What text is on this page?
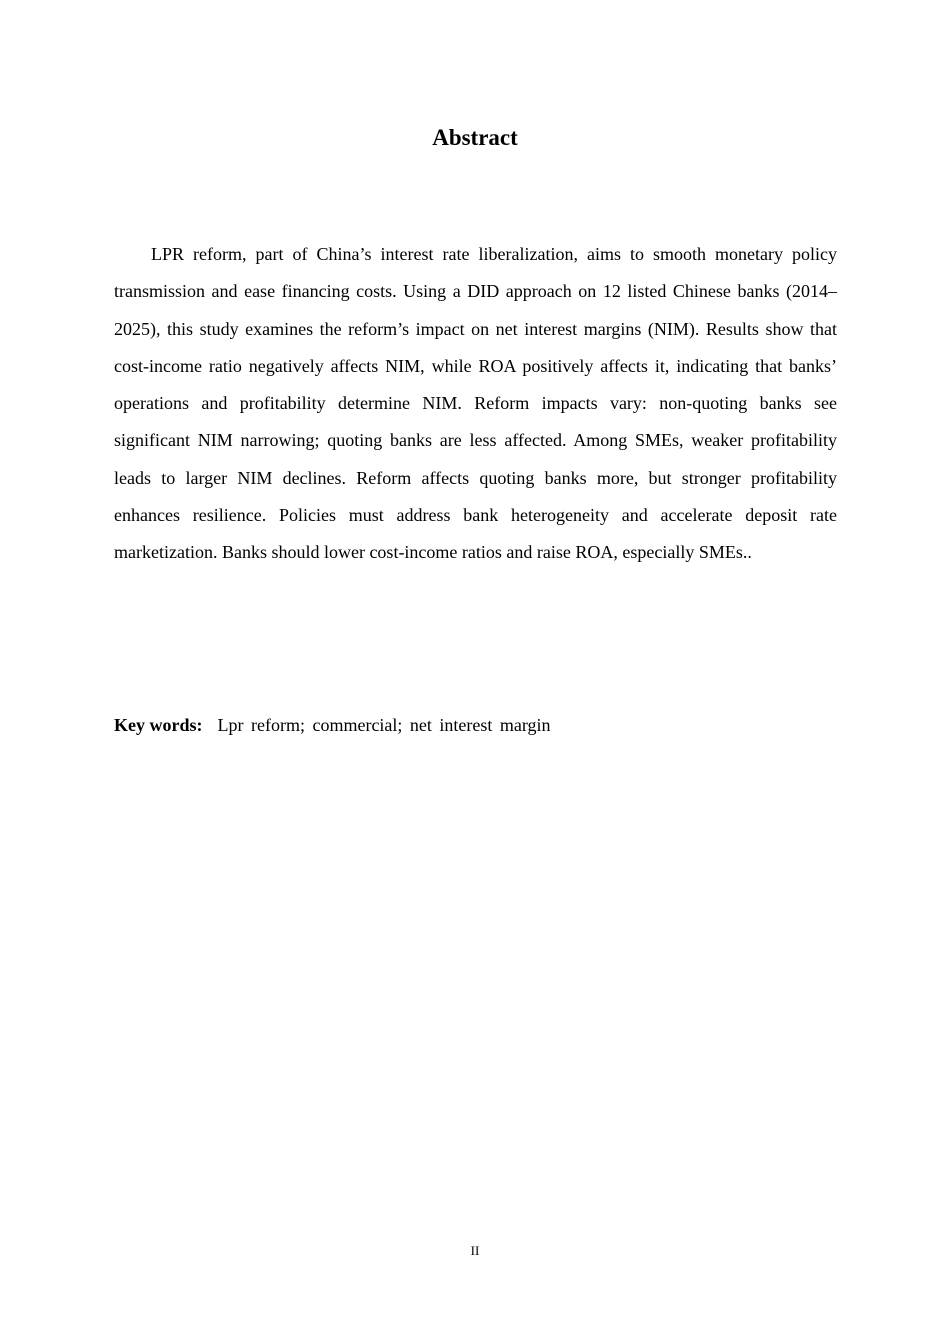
Abstract

LPR reform, part of China’s interest rate liberalization, aims to smooth monetary policy transmission and ease financing costs. Using a DID approach on 12 listed Chinese banks (2014–2025), this study examines the reform’s impact on net interest margins (NIM). Results show that cost-income ratio negatively affects NIM, while ROA positively affects it, indicating that banks’ operations and profitability determine NIM. Reform impacts vary: non-quoting banks see significant NIM narrowing; quoting banks are less affected. Among SMEs, weaker profitability leads to larger NIM declines. Reform affects quoting banks more, but stronger profitability enhances resilience. Policies must address bank heterogeneity and accelerate deposit rate marketization. Banks should lower cost-income ratios and raise ROA, especially SMEs..

Key words: Lpr reform; commercial; net interest margin

II
